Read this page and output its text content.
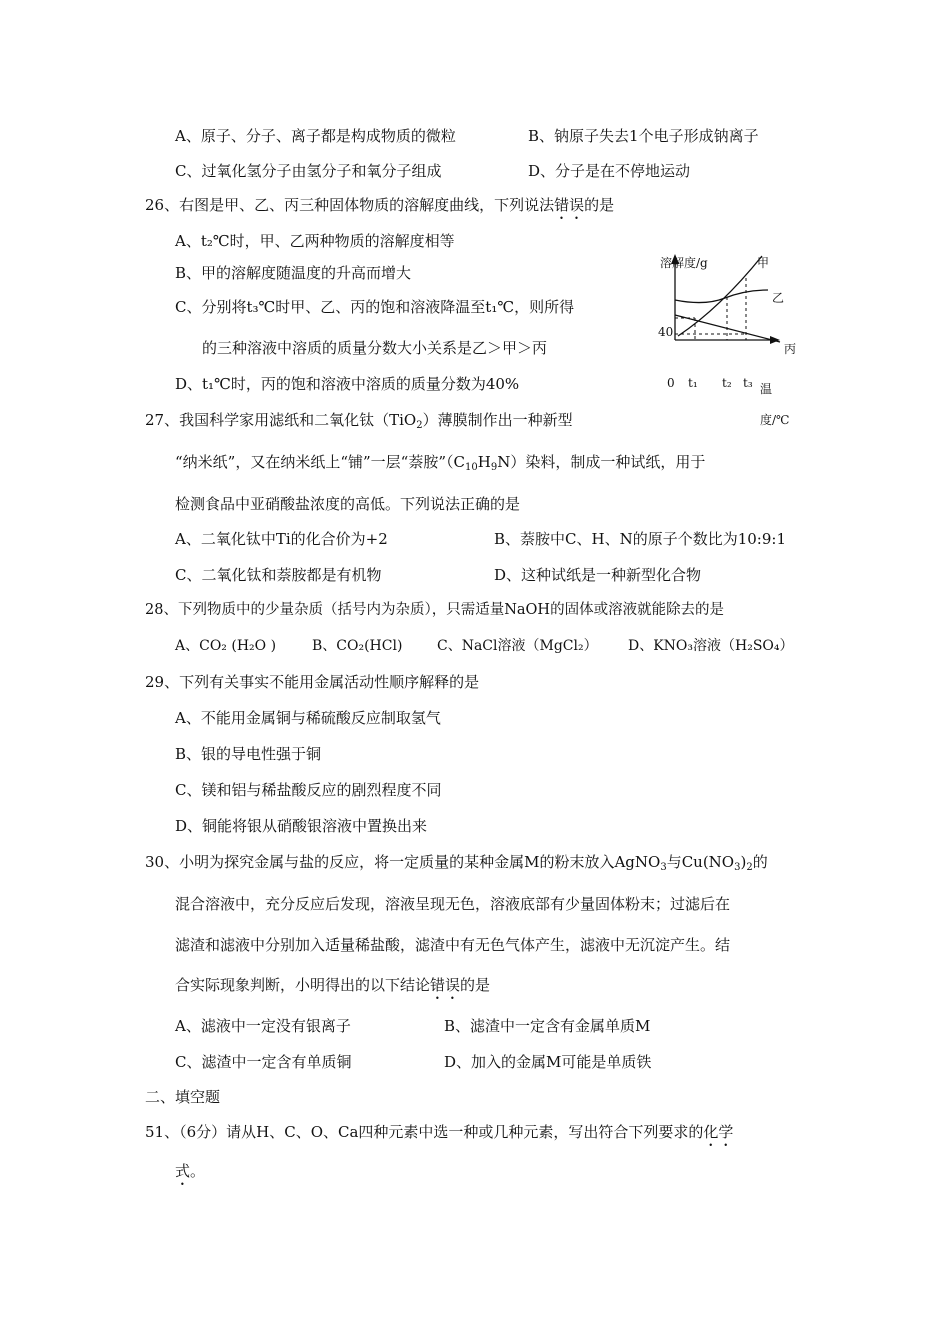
A、原子、分子、离子都是构成物质的微粒	B、钠原子失去1个电子形成钠离子
C、过氧化氢分子由氢分子和氧分子组成	D、分子是在不停地运动
26、右图是甲、乙、丙三种固体物质的溶解度曲线，下列说法错误的是
A、t₂℃时，甲、乙两种物质的溶解度相等
B、甲的溶解度随温度的升高而增大
C、分别将t₃℃时甲、乙、丙的饱和溶液降温至t₁℃，则所得
的三种溶液中溶质的质量分数大小关系是乙＞甲＞丙
D、t₁℃时，丙的饱和溶液中溶质的质量分数为40%
溶解度/g	甲
乙
丙
40
0 t₁ t₂ t₃ 温
度/℃
27、我国科学家用滤纸和二氧化钛（TiO$_2$）薄膜制作出一种新型
“纳米纸”，又在纳米纸上“铺”一层“萘胺$”(C_{10}H_9N)$染料，制成一种试纸，用于
检测食品中亚硝酸盐浓度的高低。下列说法正确的是
A、二氧化钛中Ti的化合价为+2	B、萘胺中C、H、N的原子个数比为10:9:1
C、二氧化钛和萘胺都是有机物	D、这种试纸是一种新型化合物
28、下列物质中的少量杂质（括号内为杂质），只需适量NaOH的固体或溶液就能除去的是
A、CO₂ (H₂O )	B、CO₂(HCl) C、NaCl溶液（MgCl₂） D、KNO₃溶液（H₂SO₄）
29、下列有关事实不能用金属活动性顺序解释的是
A、不能用金属铜与稀硫酸反应制取氢气
B、银的导电性强于铜
C、镁和铝与稀盐酸反应的剧烈程度不同
D、铜能将银从硝酸银溶液中置换出来
30、小明为探究金属与盐的反应，将一定质量的某种金属M的粉末放入AgNO$_3$与$Cu(NO_3)_2$的
混合溶液中，充分反应后发现，溶液呈现无色，溶液底部有少量固体粉末；过滤后在
滤渣和滤液中分别加入适量稀盐酸，滤渣中有无色气体产生，滤液中无沉淀产生。结
合实际现象判断，小明得出的以下结论错误的是
A、滤液中一定没有银离子	B、滤渣中一定含有金属单质M
C、滤渣中一定含有单质铜	D、加入的金属M可能是单质铁
二、填空题
51、（6分）请从H、C、O、Ca四种元素中选一种或几种元素，写出符合下列要求的化学
式。
